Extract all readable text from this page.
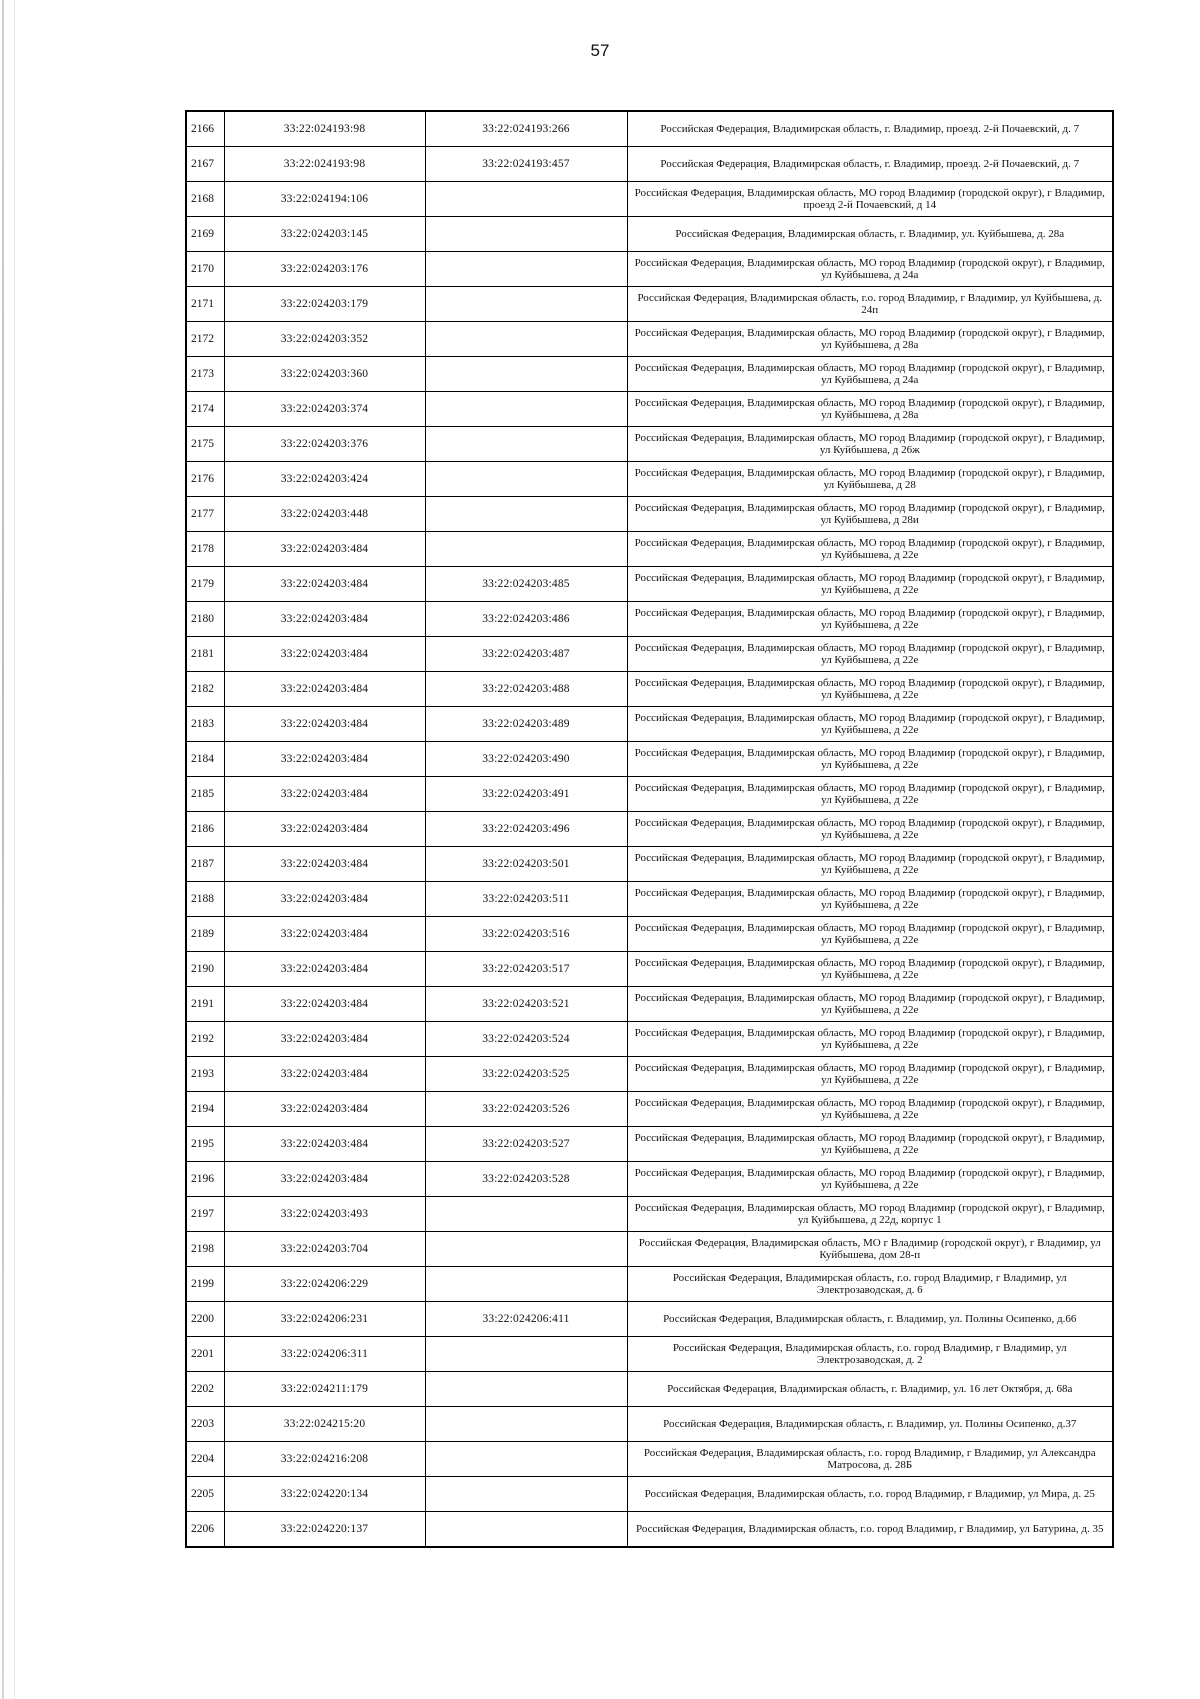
57
2166	33:22:024193:98	33:22:024193:266	Российская Федерация, Владимирская область, г. Владимир, проезд. 2-й Почаевский, д. 7
2167	33:22:024193:98	33:22:024193:457	Российская Федерация, Владимирская область, г. Владимир, проезд. 2-й Почаевский, д. 7
2168	33:22:024194:106		Российская Федерация, Владимирская область, МО город Владимир (городской округ), г Владимир, проезд 2-й Почаевский, д 14
2169	33:22:024203:145		Российская Федерация, Владимирская область, г. Владимир, ул. Куйбышева, д. 28а
2170	33:22:024203:176		Российская Федерация, Владимирская область, МО город Владимир (городской округ), г Владимир, ул Куйбышева, д 24а
2171	33:22:024203:179		Российская Федерация, Владимирская область, г.о. город Владимир, г Владимир, ул Куйбышева, д. 24п
2172	33:22:024203:352		Российская Федерация, Владимирская область, МО город Владимир (городской округ), г Владимир, ул Куйбышева, д 28а
2173	33:22:024203:360		Российская Федерация, Владимирская область, МО город Владимир (городской округ), г Владимир, ул Куйбышева, д 24а
2174	33:22:024203:374		Российская Федерация, Владимирская область, МО город Владимир (городской округ), г Владимир, ул Куйбышева, д 28а
2175	33:22:024203:376		Российская Федерация, Владимирская область, МО город Владимир (городской округ), г Владимир, ул Куйбышева, д 26ж
2176	33:22:024203:424		Российская Федерация, Владимирская область, МО город Владимир (городской округ), г Владимир, ул Куйбышева, д 28
2177	33:22:024203:448		Российская Федерация, Владимирская область, МО город Владимир (городской округ), г Владимир, ул Куйбышева, д 28и
2178	33:22:024203:484		Российская Федерация, Владимирская область, МО город Владимир (городской округ), г Владимир, ул Куйбышева, д 22е
2179	33:22:024203:484	33:22:024203:485	Российская Федерация, Владимирская область, МО город Владимир (городской округ), г Владимир, ул Куйбышева, д 22е
2180	33:22:024203:484	33:22:024203:486	Российская Федерация, Владимирская область, МО город Владимир (городской округ), г Владимир, ул Куйбышева, д 22е
2181	33:22:024203:484	33:22:024203:487	Российская Федерация, Владимирская область, МО город Владимир (городской округ), г Владимир, ул Куйбышева, д 22е
2182	33:22:024203:484	33:22:024203:488	Российская Федерация, Владимирская область, МО город Владимир (городской округ), г Владимир, ул Куйбышева, д 22е
2183	33:22:024203:484	33:22:024203:489	Российская Федерация, Владимирская область, МО город Владимир (городской округ), г Владимир, ул Куйбышева, д 22е
2184	33:22:024203:484	33:22:024203:490	Российская Федерация, Владимирская область, МО город Владимир (городской округ), г Владимир, ул Куйбышева, д 22е
2185	33:22:024203:484	33:22:024203:491	Российская Федерация, Владимирская область, МО город Владимир (городской округ), г Владимир, ул Куйбышева, д 22е
2186	33:22:024203:484	33:22:024203:496	Российская Федерация, Владимирская область, МО город Владимир (городской округ), г Владимир, ул Куйбышева, д 22е
2187	33:22:024203:484	33:22:024203:501	Российская Федерация, Владимирская область, МО город Владимир (городской округ), г Владимир, ул Куйбышева, д 22е
2188	33:22:024203:484	33:22:024203:511	Российская Федерация, Владимирская область, МО город Владимир (городской округ), г Владимир, ул Куйбышева, д 22е
2189	33:22:024203:484	33:22:024203:516	Российская Федерация, Владимирская область, МО город Владимир (городской округ), г Владимир, ул Куйбышева, д 22е
2190	33:22:024203:484	33:22:024203:517	Российская Федерация, Владимирская область, МО город Владимир (городской округ), г Владимир, ул Куйбышева, д 22е
2191	33:22:024203:484	33:22:024203:521	Российская Федерация, Владимирская область, МО город Владимир (городской округ), г Владимир, ул Куйбышева, д 22е
2192	33:22:024203:484	33:22:024203:524	Российская Федерация, Владимирская область, МО город Владимир (городской округ), г Владимир, ул Куйбышева, д 22е
2193	33:22:024203:484	33:22:024203:525	Российская Федерация, Владимирская область, МО город Владимир (городской округ), г Владимир, ул Куйбышева, д 22е
2194	33:22:024203:484	33:22:024203:526	Российская Федерация, Владимирская область, МО город Владимир (городской округ), г Владимир, ул Куйбышева, д 22е
2195	33:22:024203:484	33:22:024203:527	Российская Федерация, Владимирская область, МО город Владимир (городской округ), г Владимир, ул Куйбышева, д 22е
2196	33:22:024203:484	33:22:024203:528	Российская Федерация, Владимирская область, МО город Владимир (городской округ), г Владимир, ул Куйбышева, д 22е
2197	33:22:024203:493		Российская Федерация, Владимирская область, МО город Владимир (городской округ), г Владимир, ул Куйбышева, д 22д, корпус 1
2198	33:22:024203:704		Российская Федерация, Владимирская область, МО г Владимир (городской округ), г Владимир, ул Куйбышева, дом 28-п
2199	33:22:024206:229		Российская Федерация, Владимирская область, г.о. город Владимир, г Владимир, ул Электрозаводская, д. 6
2200	33:22:024206:231	33:22:024206:411	Российская Федерация, Владимирская область, г. Владимир, ул. Полины Осипенко, д.66
2201	33:22:024206:311		Российская Федерация, Владимирская область, г.о. город Владимир, г Владимир, ул Электрозаводская, д. 2
2202	33:22:024211:179		Российская Федерация, Владимирская область, г. Владимир, ул. 16 лет Октября, д. 68а
2203	33:22:024215:20		Российская Федерация, Владимирская область, г. Владимир, ул. Полины Осипенко, д.37
2204	33:22:024216:208		Российская Федерация, Владимирская область, г.о. город Владимир, г Владимир, ул Александра Матросова, д. 28Б
2205	33:22:024220:134		Российская Федерация, Владимирская область, г.о. город Владимир, г Владимир, ул Мира, д. 25
2206	33:22:024220:137		Российская Федерация, Владимирская область, г.о. город Владимир, г Владимир, ул Батурина, д. 35
